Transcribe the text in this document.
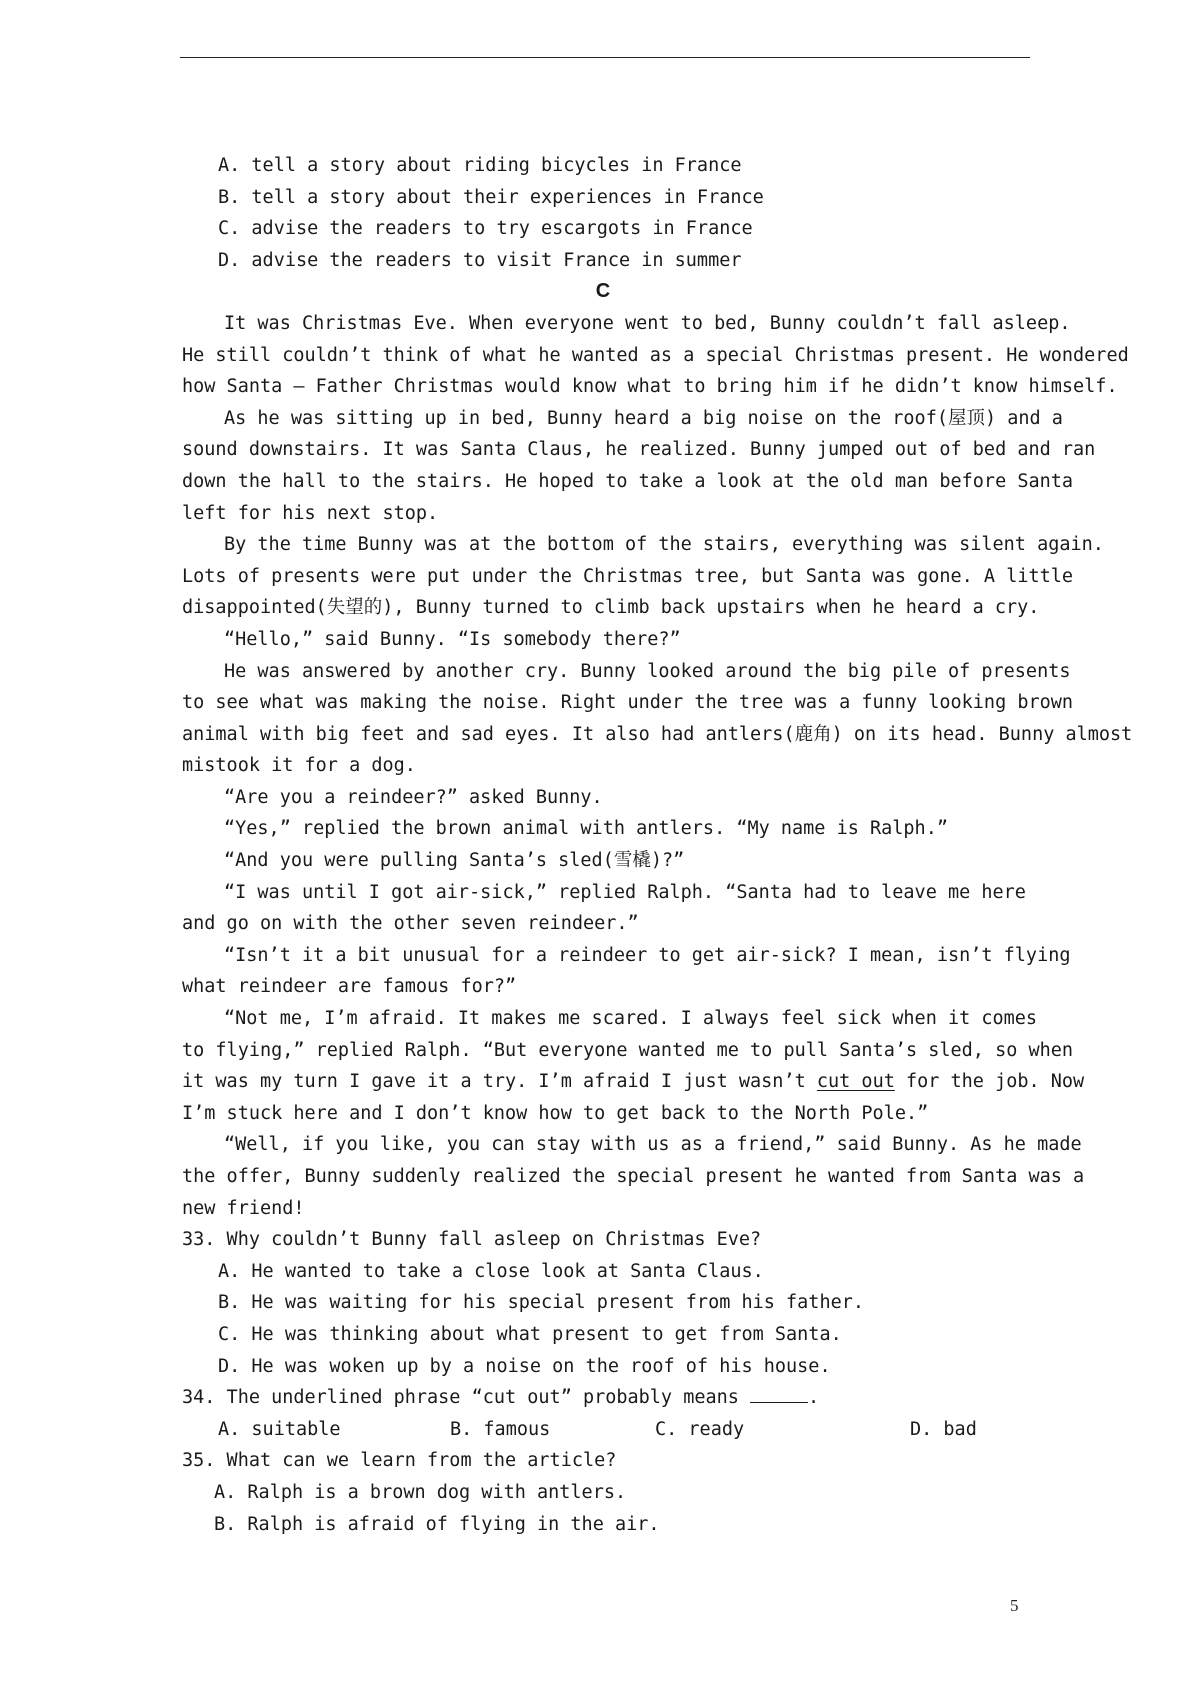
A. tell a story about riding bicycles in France
B. tell a story about their experiences in France
C. advise the readers to try escargots in France
D. advise the readers to visit France in summer
C
It was Christmas Eve. When everyone went to bed, Bunny couldn’t fall asleep.
He still couldn’t think of what he wanted as a special Christmas present. He wondered
how Santa — Father Christmas would know what to bring him if he didn’t know himself.
As he was sitting up in bed, Bunny heard a big noise on the roof(屋顶) and a
sound downstairs. It was Santa Claus, he realized. Bunny jumped out of bed and ran
down the hall to the stairs. He hoped to take a look at the old man before Santa
left for his next stop.
By the time Bunny was at the bottom of the stairs, everything was silent again.
Lots of presents were put under the Christmas tree, but Santa was gone. A little
disappointed(失望的), Bunny turned to climb back upstairs when he heard a cry.
“Hello,” said Bunny. “Is somebody there?”
He was answered by another cry. Bunny looked around the big pile of presents
to see what was making the noise. Right under the tree was a funny looking brown
animal with big feet and sad eyes. It also had antlers(鹿角) on its head. Bunny almost
mistook it for a dog.
“Are you a reindeer?” asked Bunny.
“Yes,” replied the brown animal with antlers. “My name is Ralph.”
“And you were pulling Santa’s sled(雪橇)?”
“I was until I got air-sick,” replied Ralph. “Santa had to leave me here
and go on with the other seven reindeer.”
“Isn’t it a bit unusual for a reindeer to get air-sick? I mean, isn’t flying
what reindeer are famous for?”
“Not me, I’m afraid. It makes me scared. I always feel sick when it comes
to flying,” replied Ralph. “But everyone wanted me to pull Santa’s sled, so when
it was my turn I gave it a try. I’m afraid I just wasn’t cut out for the job. Now
I’m stuck here and I don’t know how to get back to the North Pole.”
“Well, if you like, you can stay with us as a friend,” said Bunny. As he made
the offer, Bunny suddenly realized the special present he wanted from Santa was a
new friend!
33. Why couldn’t Bunny fall asleep on Christmas Eve?
A. He wanted to take a close look at Santa Claus.
B. He was waiting for his special present from his father.
C. He was thinking about what present to get from Santa.
D. He was woken up by a noise on the roof of his house.
34. The underlined phrase “cut out” probably means	.
A. suitable	B. famous	C. ready	D. bad
35. What can we learn from the article?
A. Ralph is a brown dog with antlers.
B. Ralph is afraid of flying in the air.
5
